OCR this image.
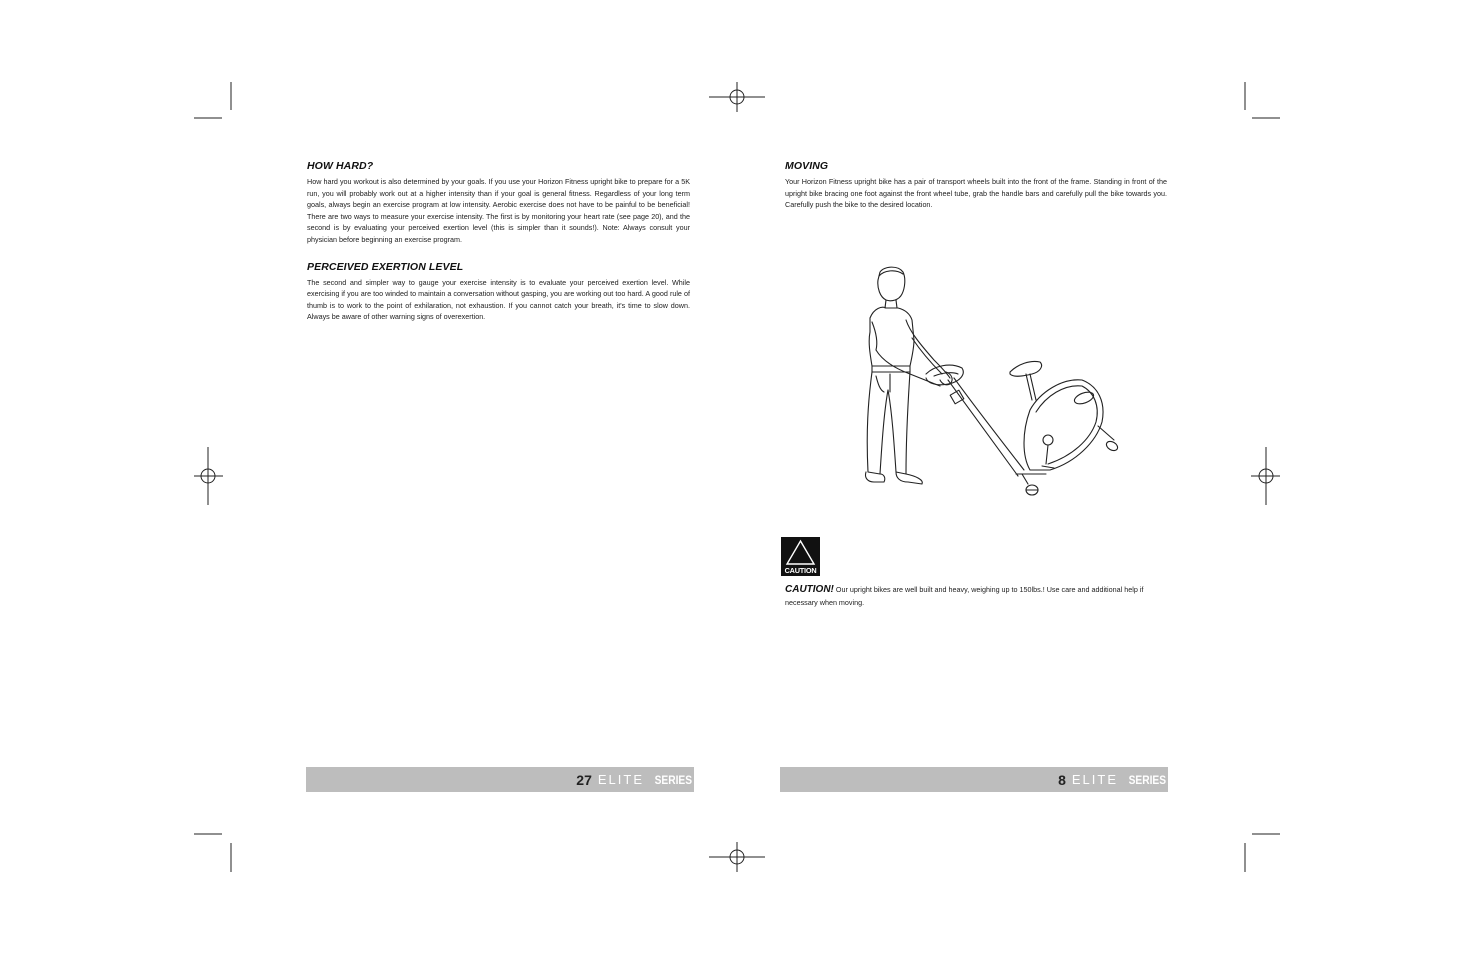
HOW HARD?

How hard you workout is also determined by your goals. If you use your Horizon Fitness upright bike to prepare for a 5K run, you will probably work out at a higher intensity than if your goal is general fitness. Regardless of your long term goals, always begin an exercise program at low intensity. Aerobic exercise does not have to be painful to be beneficial! There are two ways to measure your exercise intensity. The first is by monitoring your heart rate (see page 20), and the second is by evaluating your perceived exertion level (this is simpler than it sounds!). Note: Always consult your physician before beginning an exercise program.

PERCEIVED EXERTION LEVEL

The second and simpler way to gauge your exercise intensity is to evaluate your perceived exertion level. While exercising if you are too winded to maintain a conversation without gasping, you are working out too hard. A good rule of thumb is to work to the point of exhilaration, not exhaustion. If you cannot catch your breath, it's time to slow down. Always be aware of other warning signs of overexertion.

MOVING

Your Horizon Fitness upright bike has a pair of transport wheels built into the front of the frame. Standing in front of the upright bike bracing one foot against the front wheel tube, grab the handle bars and carefully pull the bike towards you. Carefully push the bike to the desired location.

CAUTION
CAUTION! Our upright bikes are well built and heavy, weighing up to 150lbs.! Use care and additional help if necessary when moving.
27 ELITE SERIES	8 ELITE SERIES
